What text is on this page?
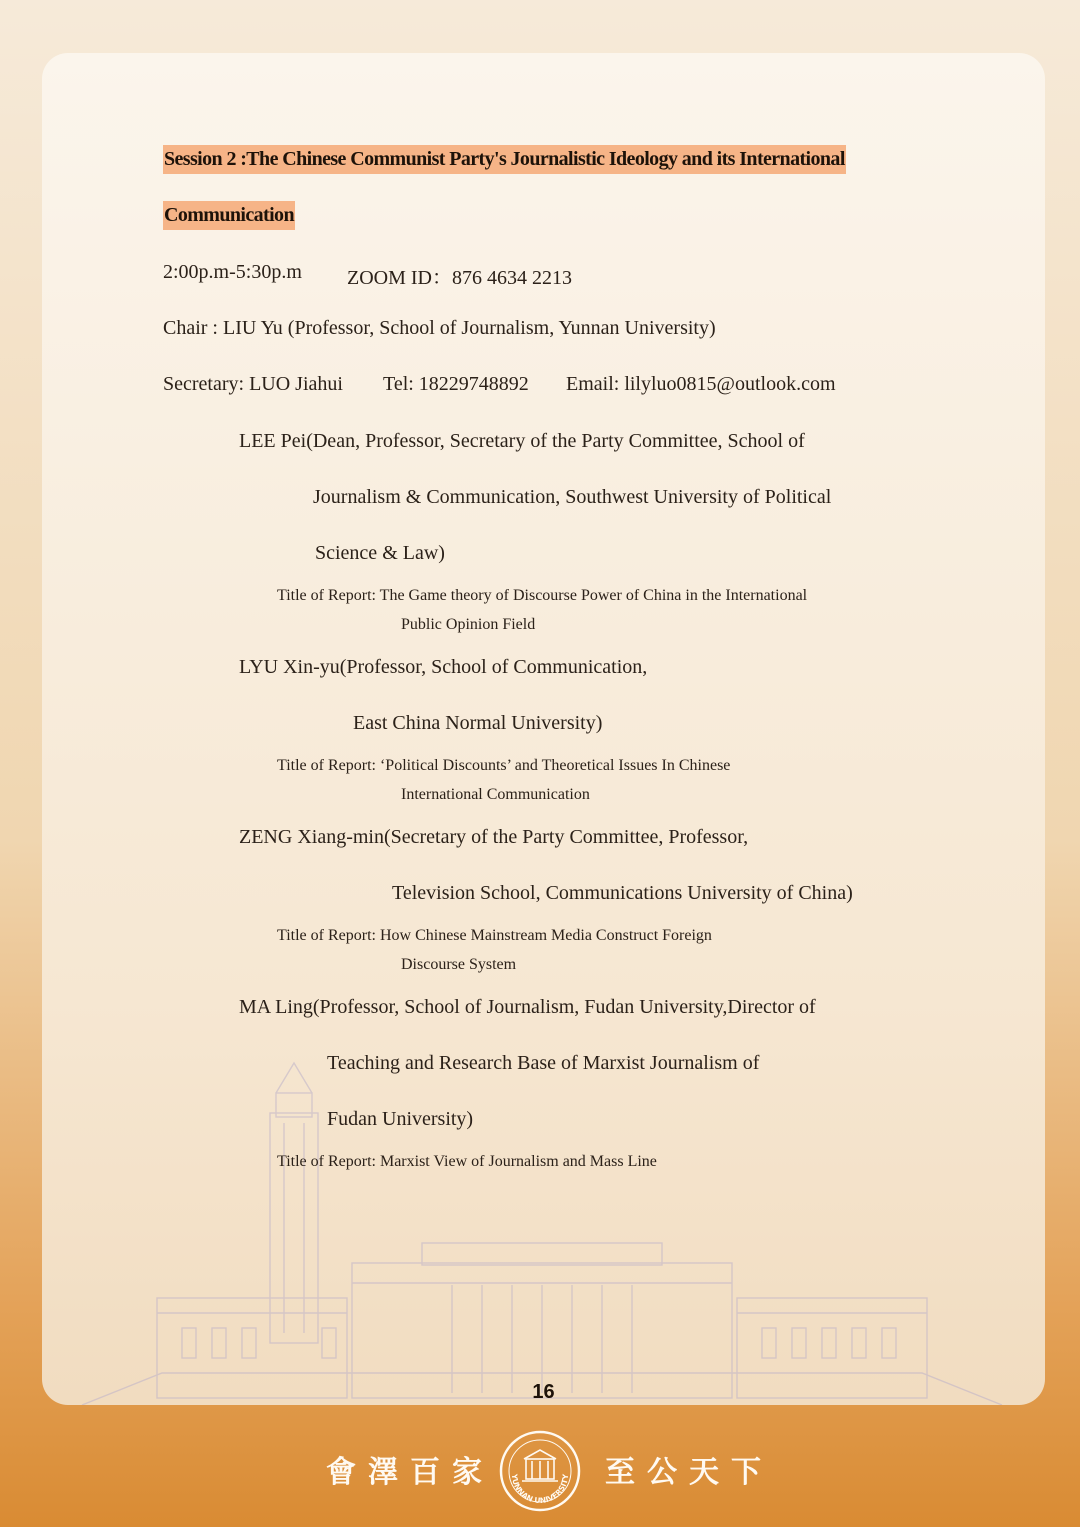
Session 2 :The Chinese Communist Party's Journalistic Ideology and its International
Communication
2:00p.m-5:30p.m ZOOM ID：876 4634 2213
Chair : LIU Yu (Professor, School of Journalism, Yunnan University)
Secretary: LUO Jiahui Tel: 18229748892 Email: lilyluo0815@outlook.com
LEE Pei(Dean, Professor, Secretary of the Party Committee, School of
Journalism & Communication, Southwest University of Political
Science & Law)
Title of Report: The Game theory of Discourse Power of China in the International
Public Opinion Field
LYU Xin-yu(Professor, School of Communication,
East China Normal University)
Title of Report: ‘Political Discounts’ and Theoretical Issues In Chinese
International Communication
ZENG Xiang-min(Secretary of the Party Committee, Professor,
Television School, Communications University of China)
Title of Report: How Chinese Mainstream Media Construct Foreign
Discourse System
MA Ling(Professor, School of Journalism, Fudan University,Director of
Teaching and Research Base of Marxist Journalism of
Fudan University)
Title of Report: Marxist View of Journalism and Mass Line
16
會澤百家 YUNNAN UNIVERSITY 至公天下
